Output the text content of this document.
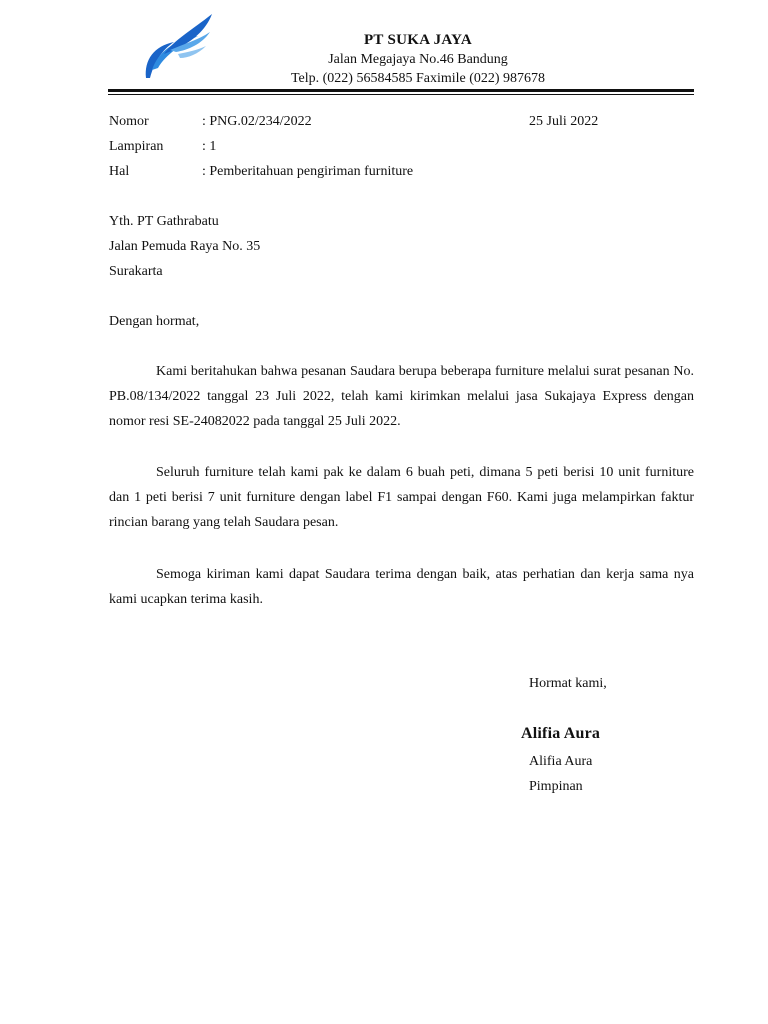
PT SUKA JAYA
Jalan Megajaya No.46 Bandung
Telp. (022) 56584585 Faximile (022) 987678
Nomor	: PNG.02/234/2022
Lampiran	: 1
Hal	: Pemberitahuan pengiriman furniture
25 Juli 2022
Yth. PT Gathrabatu
Jalan Pemuda Raya No. 35
Surakarta
Dengan hormat,

Kami beritahukan bahwa pesanan Saudara berupa beberapa furniture melalui surat pesanan No. PB.08/134/2022 tanggal 23 Juli 2022, telah kami kirimkan melalui jasa Sukajaya Express dengan nomor resi SE-24082022 pada tanggal 25 Juli 2022.

Seluruh furniture telah kami pak ke dalam 6 buah peti, dimana 5 peti berisi 10 unit furniture dan 1 peti berisi 7 unit furniture dengan label F1 sampai dengan F60. Kami juga melampirkan faktur rincian barang yang telah Saudara pesan.

Semoga kiriman kami dapat Saudara terima dengan baik, atas perhatian dan kerja sama nya kami ucapkan terima kasih.

Hormat kami,
Alifia Aura
Alifia Aura
Pimpinan
